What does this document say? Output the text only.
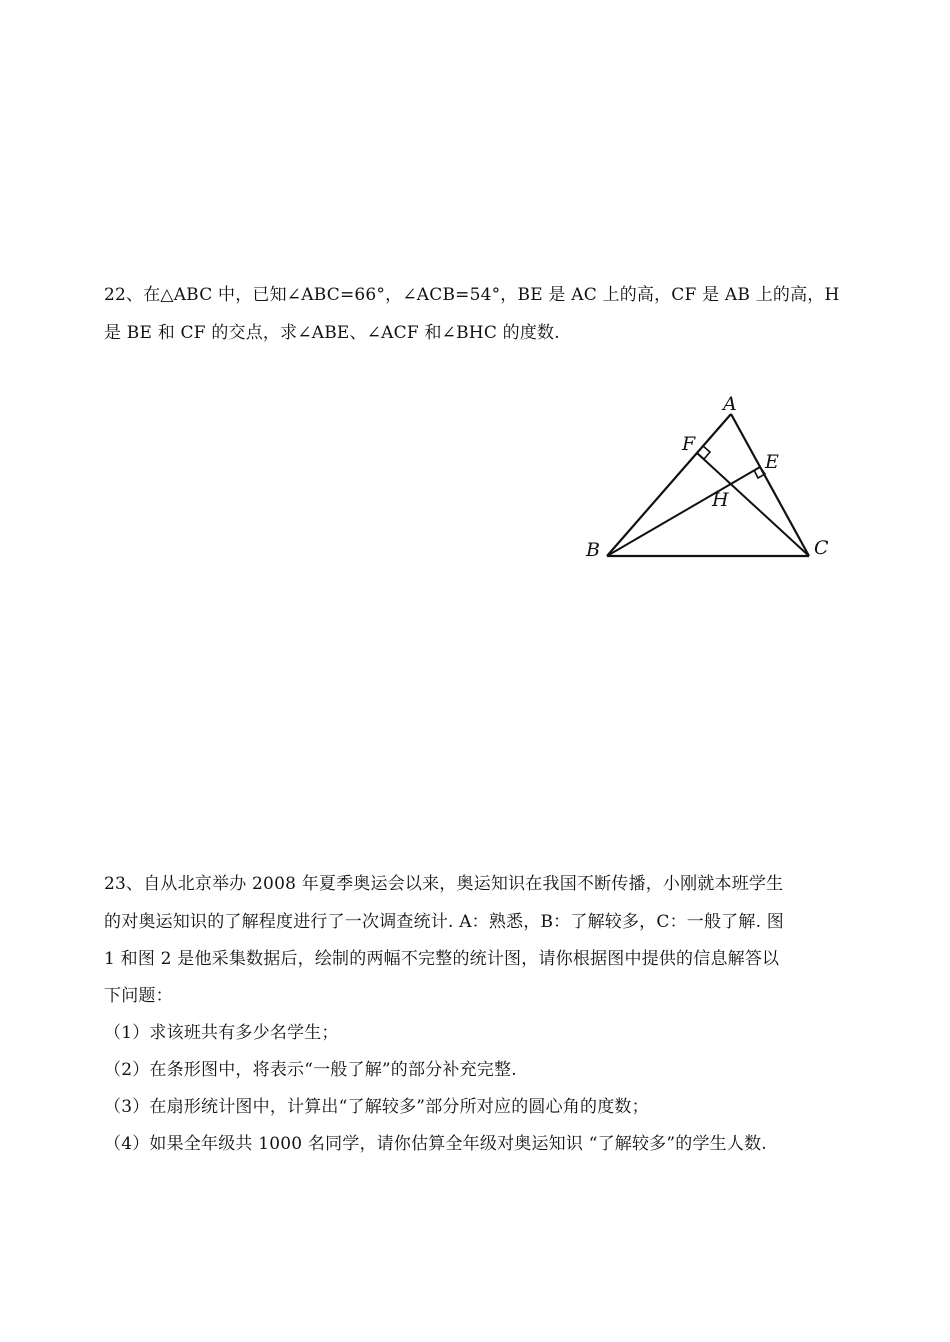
22、在△ABC 中，已知∠ABC=66°，∠ACB=54°，BE 是 AC 上的高，CF 是 AB 上的高，H
是 BE 和 CF 的交点，求∠ABE、∠ACF 和∠BHC 的度数.
A
F
E
H
B	C
23、自从北京举办 2008 年夏季奥运会以来，奥运知识在我国不断传播，小刚就本班学生
的对奥运知识的了解程度进行了一次调查统计. A：熟悉，B：了解较多，C：一般了解. 图
1 和图 2 是他采集数据后，绘制的两幅不完整的统计图，请你根据图中提供的信息解答以
下问题：
（1）求该班共有多少名学生；
（2）在条形图中，将表示“一般了解”的部分补充完整.
（3）在扇形统计图中，计算出“了解较多”部分所对应的圆心角的度数；
（4）如果全年级共 1000 名同学，请你估算全年级对奥运知识 “了解较多”的学生人数.
